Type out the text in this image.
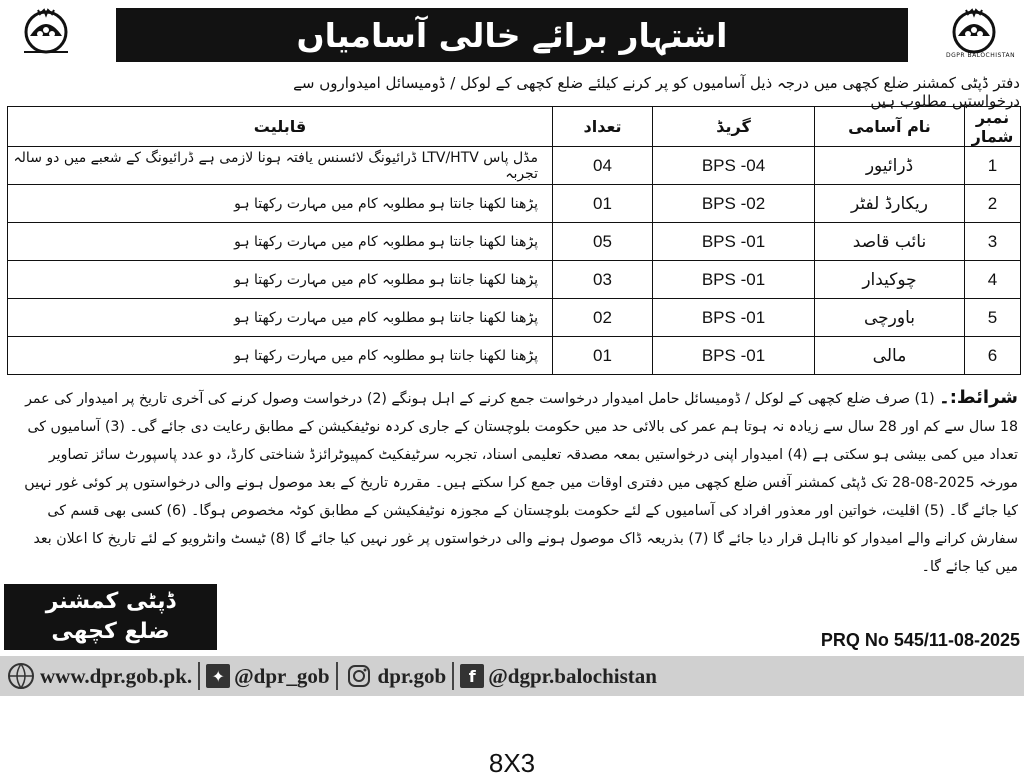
DGPR BALOCHISTAN
اشتہار برائے خالی آسامیاں
دفتر ڈپٹی کمشنر ضلع کچھی میں درجہ ذیل آسامیوں کو پر کرنے کیلئے ضلع کچھی کے لوکل / ڈومیسائل امیدواروں سے درخواستیں مطلوب ہیں
نمبر شمار	نام آسامی	گریڈ	تعداد	قابلیت
1	ڈرائیور	BPS -04	04	مڈل پاس LTV/HTV ڈرائیونگ لائسنس یافتہ ہونا لازمی ہے ڈرائیونگ کے شعبے میں دو سالہ تجربہ
2	ریکارڈ لفٹر	BPS -02	01	پڑھنا لکھنا جانتا ہو مطلوبہ کام میں مہارت رکھتا ہو
3	نائب قاصد	BPS -01	05	پڑھنا لکھنا جانتا ہو مطلوبہ کام میں مہارت رکھتا ہو
4	چوکیدار	BPS -01	03	پڑھنا لکھنا جانتا ہو مطلوبہ کام میں مہارت رکھتا ہو
5	باورچی	BPS -01	02	پڑھنا لکھنا جانتا ہو مطلوبہ کام میں مہارت رکھتا ہو
6	مالی	BPS -01	01	پڑھنا لکھنا جانتا ہو مطلوبہ کام میں مہارت رکھتا ہو
شرائط:۔ (1) صرف ضلع کچھی کے لوکل / ڈومیسائل حامل امیدوار درخواست جمع کرنے کے اہل ہونگے (2) درخواست وصول کرنے کی آخری تاریخ پر امیدوار کی عمر 18 سال سے کم اور 28 سال سے زیادہ نہ ہوتا ہم عمر کی بالائی حد میں حکومت بلوچستان کے جاری کردہ نوٹیفکیشن کے مطابق رعایت دی جائے گی۔ (3) آسامیوں کی تعداد میں کمی بیشی ہو سکتی ہے (4) امیدوار اپنی درخواستیں بمعہ مصدقہ تعلیمی اسناد، تجربہ سرٹیفکیٹ کمپیوٹرائزڈ شناختی کارڈ، دو عدد پاسپورٹ سائز تصاویر مورخہ 2025-08-28 تک ڈپٹی کمشنر آفس ضلع کچھی میں دفتری اوقات میں جمع کرا سکتے ہیں۔ مقررہ تاریخ کے بعد موصول ہونے والی درخواستوں پر کوئی غور نہیں کیا جائے گا۔ (5) اقلیت، خواتین اور معذور افراد کی آسامیوں کے لئے حکومت بلوچستان کے مجوزہ نوٹیفکیشن کے مطابق کوٹہ مخصوص ہوگا۔ (6) کسی بھی قسم کی سفارش کرانے والے امیدوار کو نااہل قرار دیا جائے گا (7) بذریعہ ڈاک موصول ہونے والی درخواستوں پر غور نہیں کیا جائے گا (8) ٹیسٹ وانٹرویو کے لئے تاریخ کا اعلان بعد میں کیا جائے گا۔
ڈپٹی کمشنر
ضلع کچھی	PRQ No 545/11-08-2025
www.dpr.gob.pk.	✦ @dpr_gob dpr.gob	f @dgpr.balochistan
8X3
